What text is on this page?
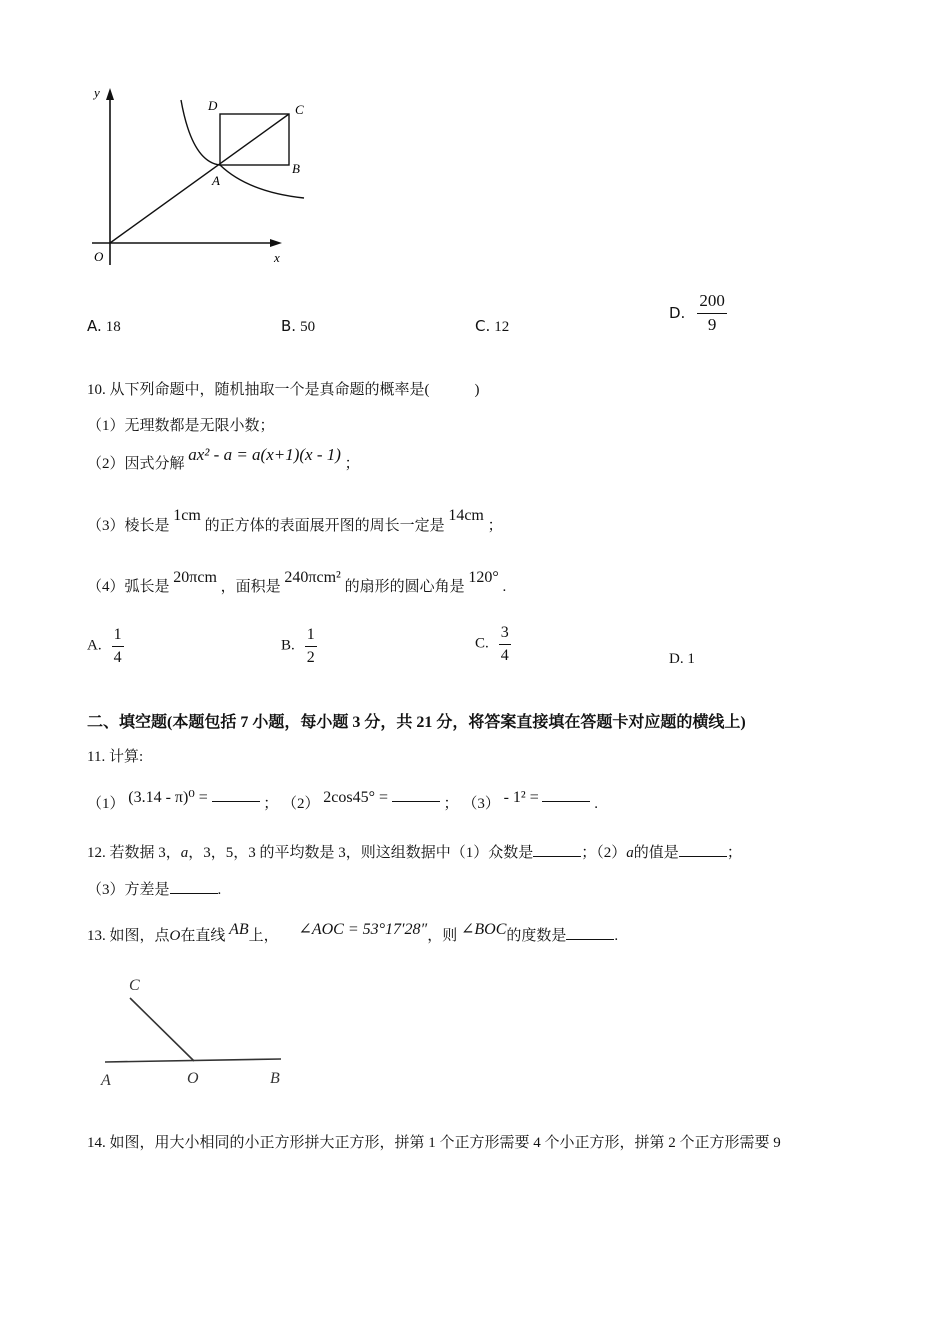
y
x
O
A
B
C
D
A. 18	B. 50	C. 12
D. $\frac{200}{9}$
10. 从下列命题中，随机抽取一个是真命题的概率是(　　　)
（1）无理数都是无限小数；
（2）因式分解 ax² - a = a(x+1)(x - 1) ；
（3）棱长是 1cm 的正方体的表面展开图的周长一定是 14cm ；
（4）弧长是 20πcm ，面积是 240πcm² 的扇形的圆心角是 120° .
A. $\frac{1}{4}$	B. $\frac{1}{2}$	C. $\frac{3}{4}$	D. 1
二、填空题(本题包括 7 小题，每小题 3 分，共 21 分，将答案直接填在答题卡对应题的横线上)
11. 计算:
（1） (3.14 - π)⁰ =	； （2） 2cos45° =	； （3） - 1² =	.
12. 若数据 3，a，3，5，3 的平均数是 3，则这组数据中（1）众数是	；（2）a的值是	；
（3）方差是	.
13. 如图，点O在直线 AB上， ∠AOC = 53°17′28″，则 ∠BOC的度数是	.
C
A	O	B
14. 如图，用大小相同的小正方形拼大正方形，拼第 1 个正方形需要 4 个小正方形，拼第 2 个正方形需要 9
